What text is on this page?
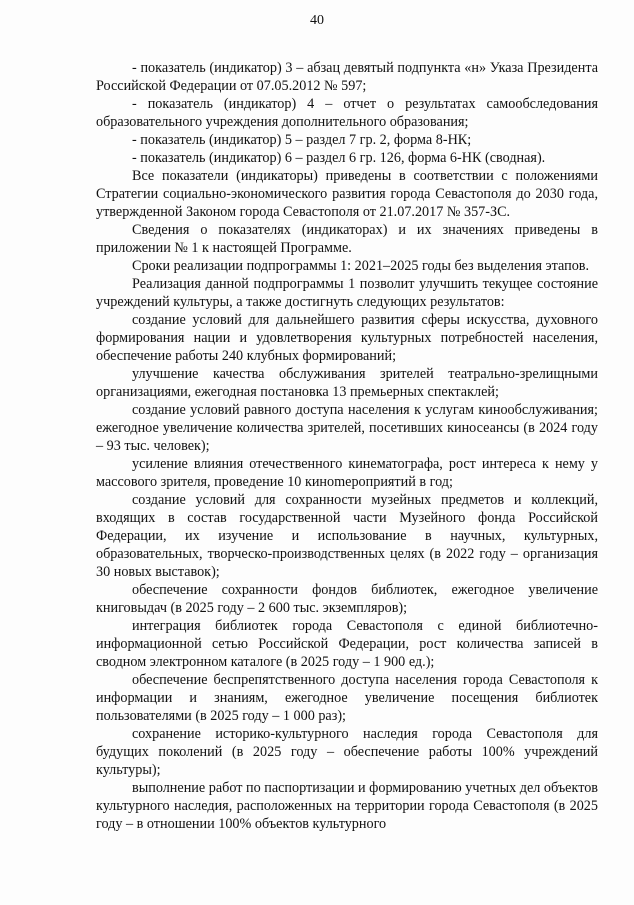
40

- показатель (индикатор) 3 – абзац девятый подпункта «н» Указа Президента Российской Федерации от 07.05.2012 № 597;

- показатель (индикатор) 4 – отчет о результатах самообследования образовательного учреждения дополнительного образования;

- показатель (индикатор) 5 – раздел 7 гр. 2, форма 8-НК;

- показатель (индикатор) 6 – раздел 6 гр. 126, форма 6-НК (сводная).

Все показатели (индикаторы) приведены в соответствии с положениями Стратегии социально-экономического развития города Севастополя до 2030 года, утвержденной Законом города Севастополя от 21.07.2017 № 357-ЗС.

Сведения о показателях (индикаторах) и их значениях приведены в приложении № 1 к настоящей Программе.

Сроки реализации подпрограммы 1: 2021–2025 годы без выделения этапов.

Реализация данной подпрограммы 1 позволит улучшить текущее состояние учреждений культуры, а также достигнуть следующих результатов:

создание условий для дальнейшего развития сферы искусства, духовного формирования нации и удовлетворения культурных потребностей населения, обеспечение работы 240 клубных формирований;

улучшение качества обслуживания зрителей театрально-зрелищными организациями, ежегодная постановка 13 премьерных спектаклей;

создание условий равного доступа населения к услугам кинообслуживания; ежегодное увеличение количества зрителей, посетивших киносеансы (в 2024 году – 93 тыс. человек);

усиление влияния отечественного кинематографа, рост интереса к нему у массового зрителя, проведение 10 кинomероприятий в год;

создание условий для сохранности музейных предметов и коллекций, входящих в состав государственной части Музейного фонда Российской Федерации, их изучение и использование в научных, культурных, образовательных, творческо-производственных целях (в 2022 году – организация 30 новых выставок);

обеспечение сохранности фондов библиотек, ежегодное увеличение книговыдач (в 2025 году – 2 600 тыс. экземпляров);

интеграция библиотек города Севастополя с единой библиотечно-информационной сетью Российской Федерации, рост количества записей в сводном электронном каталоге (в 2025 году – 1 900 ед.);

обеспечение беспрепятственного доступа населения города Севастополя к информации и знаниям, ежегодное увеличение посещения библиотек пользователями (в 2025 году – 1 000 раз);

сохранение историко-культурного наследия города Севастополя для будущих поколений (в 2025 году – обеспечение работы 100% учреждений культуры);

выполнение работ по паспортизации и формированию учетных дел объектов культурного наследия, расположенных на территории города Севастополя (в 2025 году – в отношении 100% объектов культурного
